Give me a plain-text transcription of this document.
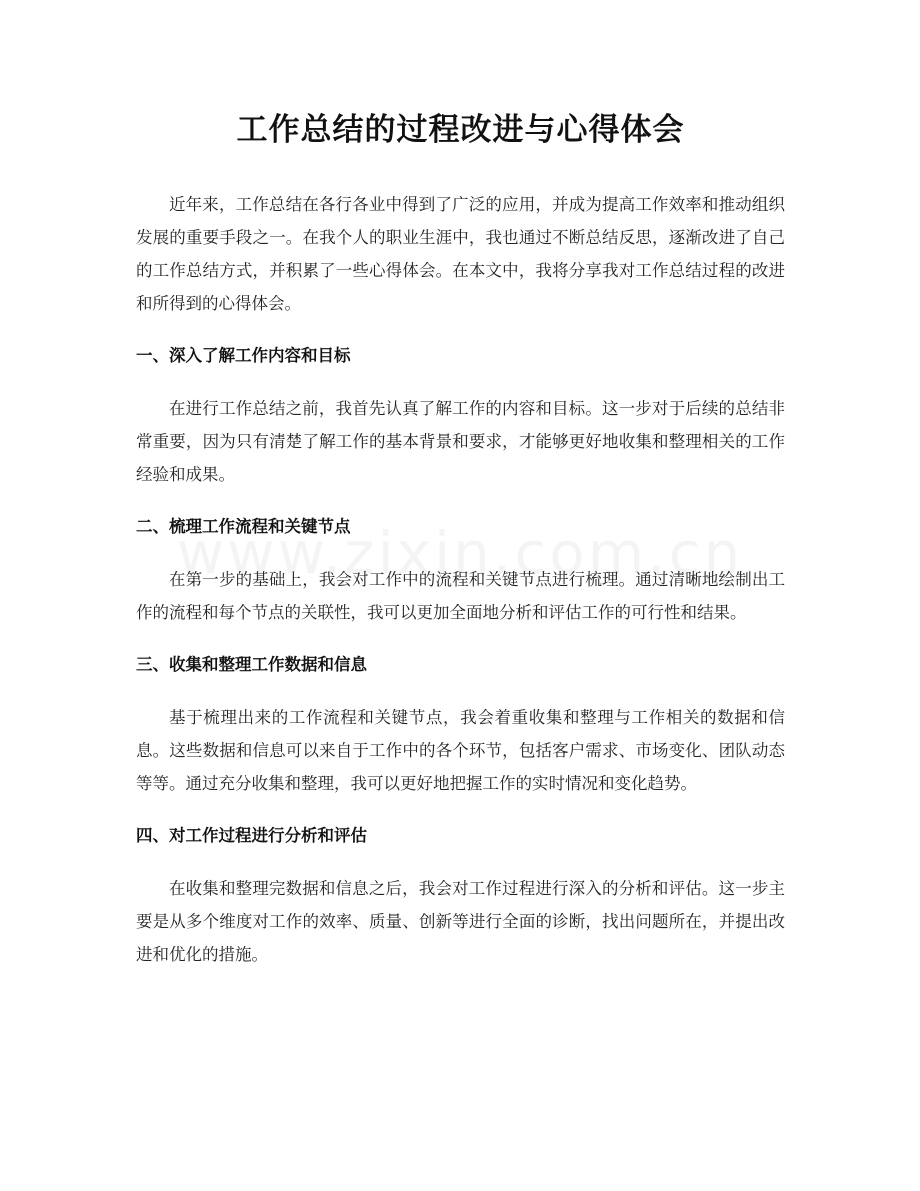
工作总结的过程改进与心得体会

近年来，工作总结在各行各业中得到了广泛的应用，并成为提高工作效率和推动组织发展的重要手段之一。在我个人的职业生涯中，我也通过不断总结反思，逐渐改进了自己的工作总结方式，并积累了一些心得体会。在本文中，我将分享我对工作总结过程的改进和所得到的心得体会。

一、深入了解工作内容和目标

在进行工作总结之前，我首先认真了解工作的内容和目标。这一步对于后续的总结非常重要，因为只有清楚了解工作的基本背景和要求，才能够更好地收集和整理相关的工作经验和成果。

二、梳理工作流程和关键节点

在第一步的基础上，我会对工作中的流程和关键节点进行梳理。通过清晰地绘制出工作的流程和每个节点的关联性，我可以更加全面地分析和评估工作的可行性和结果。

三、收集和整理工作数据和信息

基于梳理出来的工作流程和关键节点，我会着重收集和整理与工作相关的数据和信息。这些数据和信息可以来自于工作中的各个环节，包括客户需求、市场变化、团队动态等等。通过充分收集和整理，我可以更好地把握工作的实时情况和变化趋势。

四、对工作过程进行分析和评估

在收集和整理完数据和信息之后，我会对工作过程进行深入的分析和评估。这一步主要是从多个维度对工作的效率、质量、创新等进行全面的诊断，找出问题所在，并提出改进和优化的措施。
